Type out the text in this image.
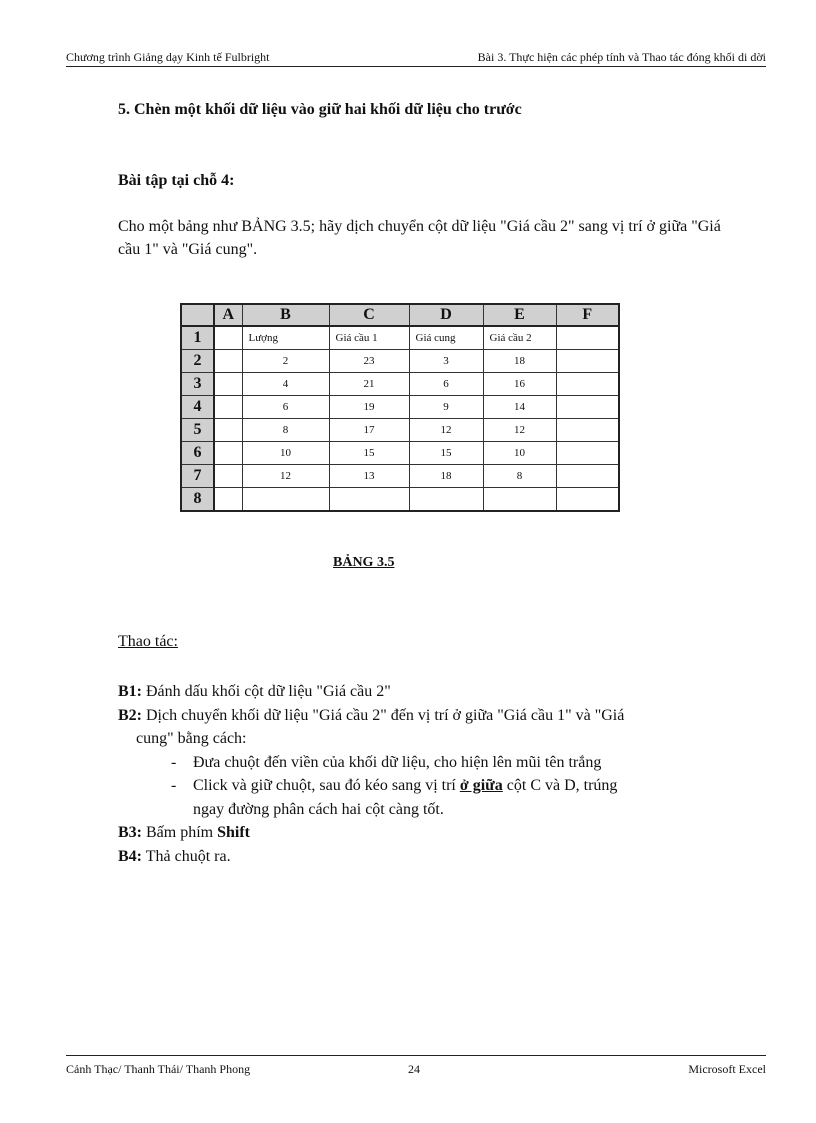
Chương trình Giảng dạy Kinh tế Fulbright	Bài 3. Thực hiện các phép tính và Thao tác đóng khối di dời
5. Chèn một khối dữ liệu vào giữ hai khối dữ liệu cho trước
Bài tập tại chỗ 4:
Cho một bảng như BẢNG 3.5; hãy dịch chuyển cột dữ liệu "Giá cầu 2" sang vị trí ở giữa "Giá cầu 1" và "Giá cung".
	A	B	C	D	E	F
1		Lượng	Giá cầu 1	Giá cung	Giá cầu 2	
2		2	23	3	18	
3		4	21	6	16	
4		6	19	9	14	
5		8	17	12	12	
6		10	15	15	10	
7		12	13	18	8	
8						
BẢNG 3.5
Thao tác:
B1: Đánh dấu khối cột dữ liệu "Giá cầu 2"
B2: Dịch chuyển khối dữ liệu "Giá cầu 2" đến vị trí ở giữa "Giá cầu 1" và "Giá
cung" bằng cách:
- Đưa chuột đến viền của khối dữ liệu, cho hiện lên mũi tên trắng
- Click và giữ chuột, sau đó kéo sang vị trí ở giữa cột C và D, trúng
ngay đường phân cách hai cột càng tốt.
B3: Bấm phím Shift
B4: Thả chuột ra.
Cảnh Thạc/ Thanh Thái/ Thanh Phong	24	Microsoft Excel
